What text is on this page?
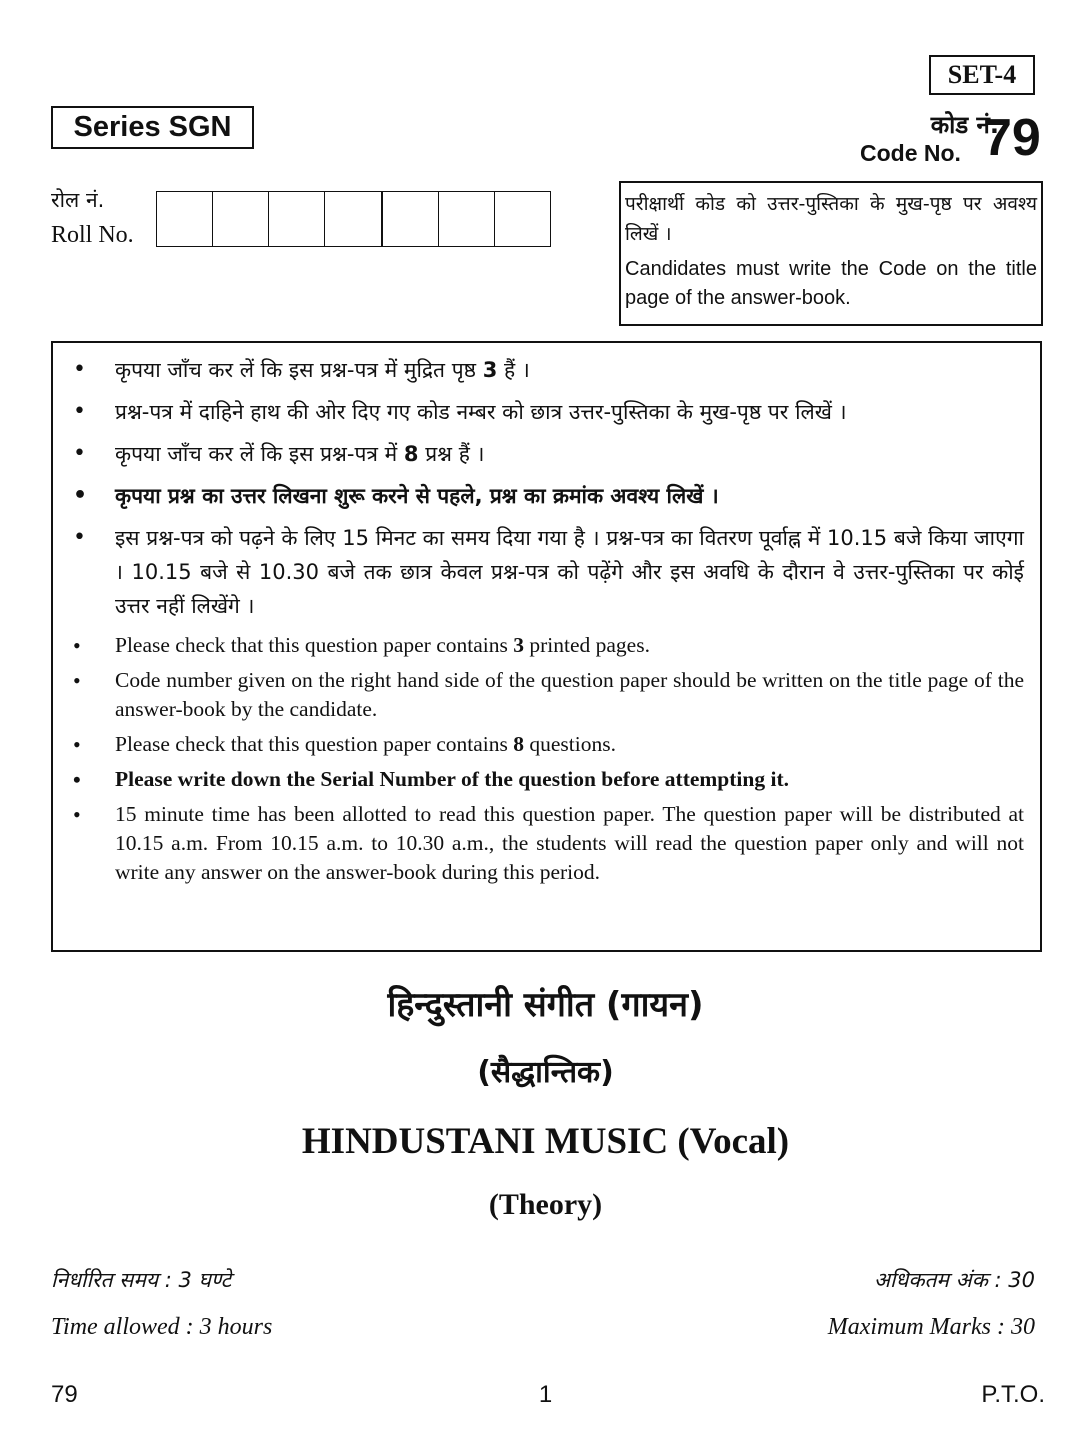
SET-4
Series SGN	कोड नं.
Code No. 79
रोल नं.
Roll No.
परीक्षार्थी कोड को उत्तर-पुस्तिका के मुख-पृष्ठ पर अवश्य लिखें ।
Candidates must write the Code on the title page of the answer-book.
• कृपया जाँच कर लें कि इस प्रश्न-पत्र में मुद्रित पृष्ठ 3 हैं ।
• प्रश्न-पत्र में दाहिने हाथ की ओर दिए गए कोड नम्बर को छात्र उत्तर-पुस्तिका के मुख-पृष्ठ पर लिखें ।
• कृपया जाँच कर लें कि इस प्रश्न-पत्र में 8 प्रश्न हैं ।
• कृपया प्रश्न का उत्तर लिखना शुरू करने से पहले, प्रश्न का क्रमांक अवश्य लिखें ।
• इस प्रश्न-पत्र को पढ़ने के लिए 15 मिनट का समय दिया गया है । प्रश्न-पत्र का वितरण पूर्वाह्न में 10.15 बजे किया जाएगा । 10.15 बजे से 10.30 बजे तक छात्र केवल प्रश्न-पत्र को पढ़ेंगे और इस अवधि के दौरान वे उत्तर-पुस्तिका पर कोई उत्तर नहीं लिखेंगे ।
• Please check that this question paper contains 3 printed pages.
• Code number given on the right hand side of the question paper should be written on the title page of the answer-book by the candidate.
• Please check that this question paper contains 8 questions.
• Please write down the Serial Number of the question before attempting it.
• 15 minute time has been allotted to read this question paper. The question paper will be distributed at 10.15 a.m. From 10.15 a.m. to 10.30 a.m., the students will read the question paper only and will not write any answer on the answer-book during this period.
हिन्दुस्तानी संगीत (गायन)
(सैद्धान्तिक)
HINDUSTANI MUSIC (Vocal)
(Theory)
निर्धारित समय : 3 घण्टे	अधिकतम अंक : 30
Time allowed : 3 hours	Maximum Marks : 30
79	1	P.T.O.
